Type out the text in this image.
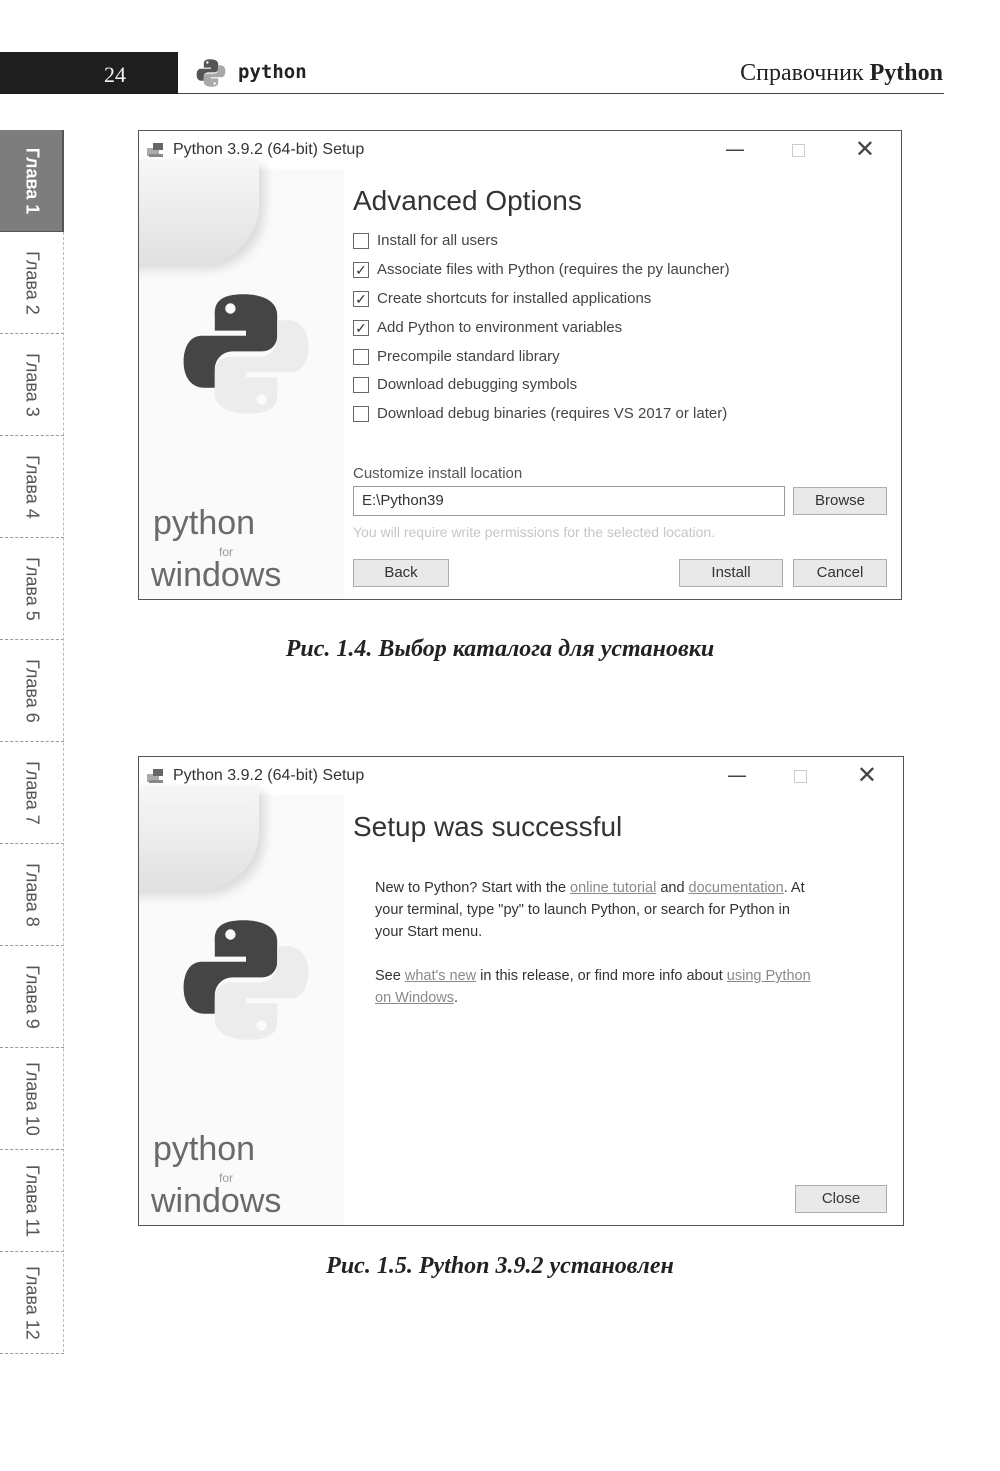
24	python	Справочник Python
Глава 1
Глава 2
Глава 3
Глава 4
Глава 5
Глава 6
Глава 7
Глава 8
Глава 9
Глава 10
Глава 11
Глава 12
Python 3.9.2 (64-bit) Setup	—	✕
python
for
windows
Advanced Options
Install for all users
✓ Associate files with Python (requires the py launcher)
✓ Create shortcuts for installed applications
✓ Add Python to environment variables
Precompile standard library
Download debugging symbols
Download debug binaries (requires VS 2017 or later)
Customize install location
E:\Python39	Browse
You will require write permissions for the selected location.
Back	Install	Cancel
Рис. 1.4. Выбор каталога для установки
Python 3.9.2 (64-bit) Setup	—	✕
python
for
windows
Setup was successful
New to Python? Start with the online tutorial and documentation. At your terminal, type "py" to launch Python, or search for Python in your Start menu.
See what's new in this release, or find more info about using Python on Windows.
Close
Рис. 1.5. Python 3.9.2 установлен
